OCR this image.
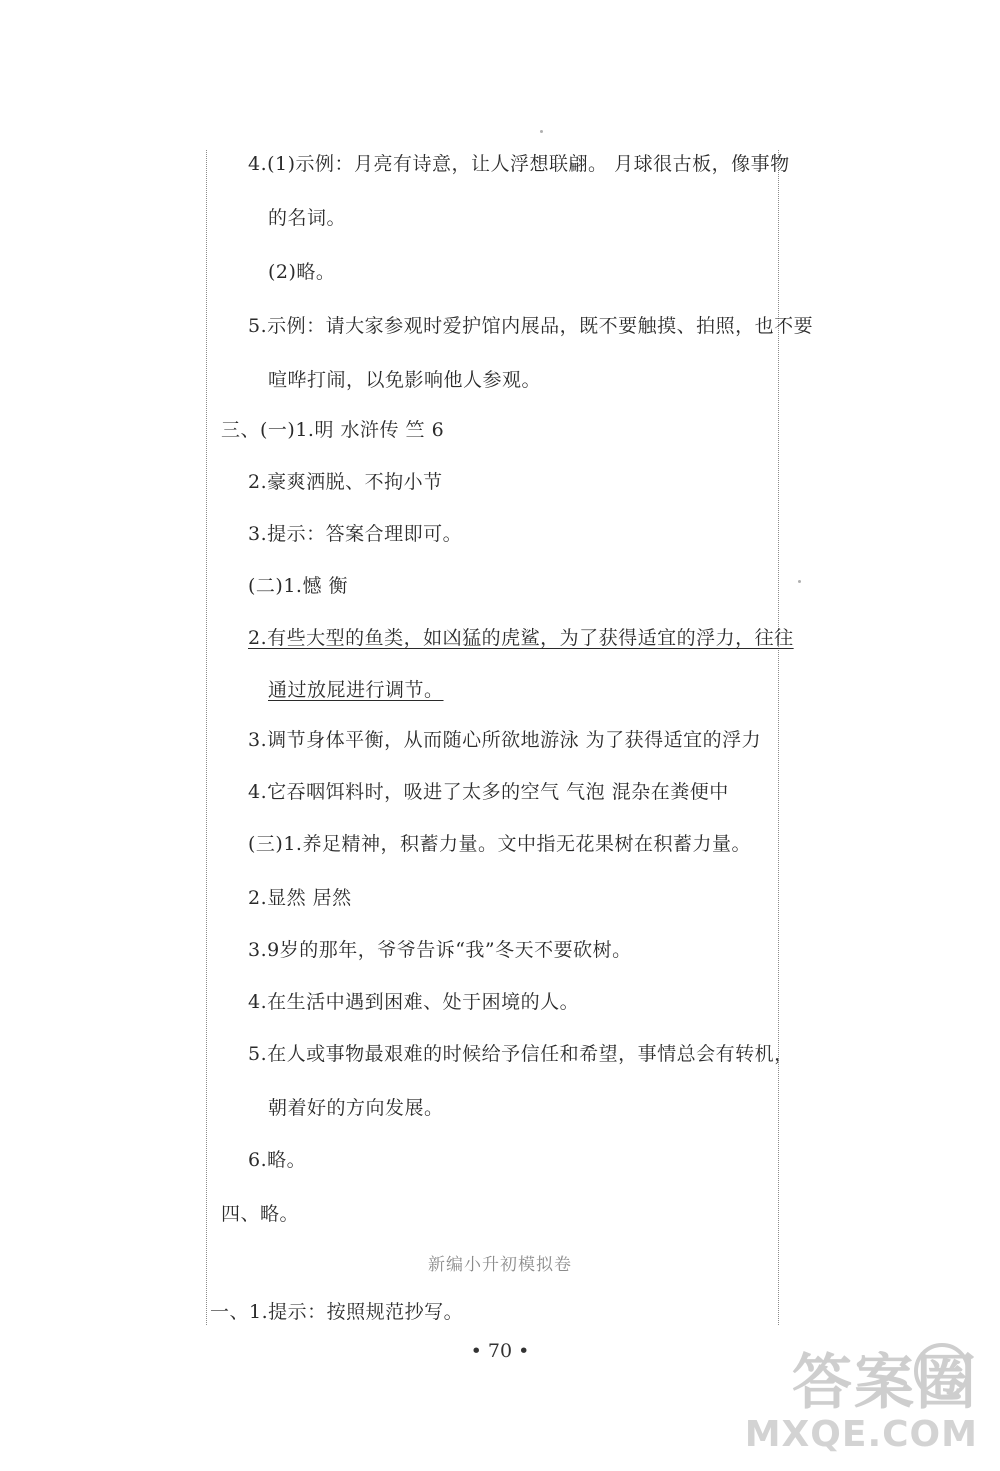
4.(1)示例：月亮有诗意，让人浮想联翩。 月球很古板，像事物
的名词。
(2)略。
5.示例：请大家参观时爱护馆内展品，既不要触摸、拍照，也不要
喧哗打闹，以免影响他人参观。
三、(一)1.明 水浒传 竺 6
2.豪爽洒脱、不拘小节
3.提示：答案合理即可。
(二)1.憾 衡
2.有些大型的鱼类，如凶猛的虎鲨，为了获得适宜的浮力，往往
通过放屁进行调节。
3.调节身体平衡，从而随心所欲地游泳 为了获得适宜的浮力
4.它吞咽饵料时，吸进了太多的空气 气泡 混杂在粪便中
(三)1.养足精神，积蓄力量。文中指无花果树在积蓄力量。
2.显然 居然
3.9岁的那年，爷爷告诉“我”冬天不要砍树。
4.在生活中遇到困难、处于困境的人。
5.在人或事物最艰难的时候给予信任和希望，事情总会有转机，
朝着好的方向发展。
6.略。
四、略。
新编小升初模拟卷
一、1.提示：按照规范抄写。
• 70 •	答案圈
MXQE.COM
